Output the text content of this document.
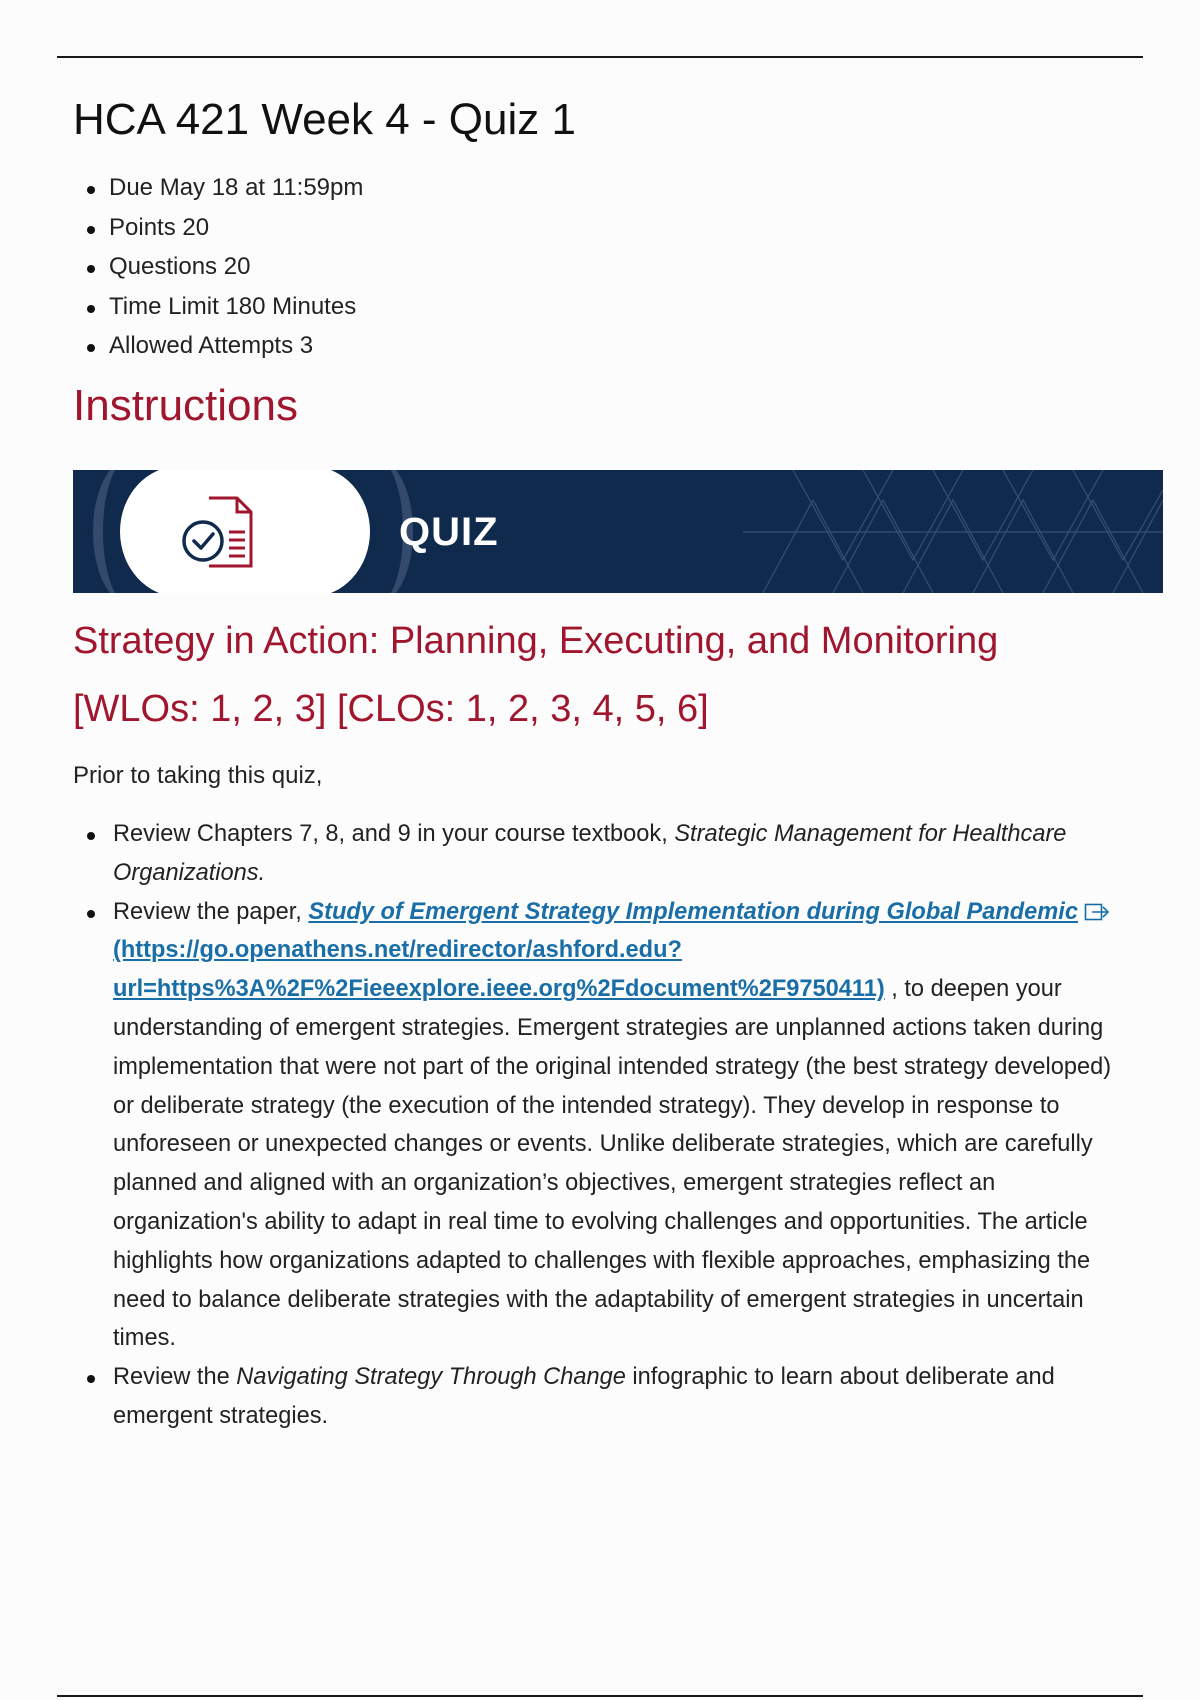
HCA 421 Week 4 - Quiz 1
Due May 18 at 11:59pm
Points 20
Questions 20
Time Limit 180 Minutes
Allowed Attempts 3
Instructions
QUIZ
Strategy in Action: Planning, Executing, and Monitoring
[WLOs: 1, 2, 3] [CLOs: 1, 2, 3, 4, 5, 6]

Prior to taking this quiz,

Review Chapters 7, 8, and 9 in your course textbook, Strategic Management for Healthcare Organizations.
Review the paper, Study of Emergent Strategy Implementation during Global Pandemic(https://go.openathens.net/redirector/ashford.edu?url=https%3A%2F%2Fieeexplore.ieee.org%2Fdocument%2F9750411) , to deepen your understanding of emergent strategies. Emergent strategies are unplanned actions taken during implementation that were not part of the original intended strategy (the best strategy developed) or deliberate strategy (the execution of the intended strategy). They develop in response to unforeseen or unexpected changes or events. Unlike deliberate strategies, which are carefully planned and aligned with an organization’s objectives, emergent strategies reflect an organization's ability to adapt in real time to evolving challenges and opportunities. The article highlights how organizations adapted to challenges with flexible approaches, emphasizing the need to balance deliberate strategies with the adaptability of emergent strategies in uncertain times.
Review the Navigating Strategy Through Change infographic to learn about deliberate and emergent strategies.
